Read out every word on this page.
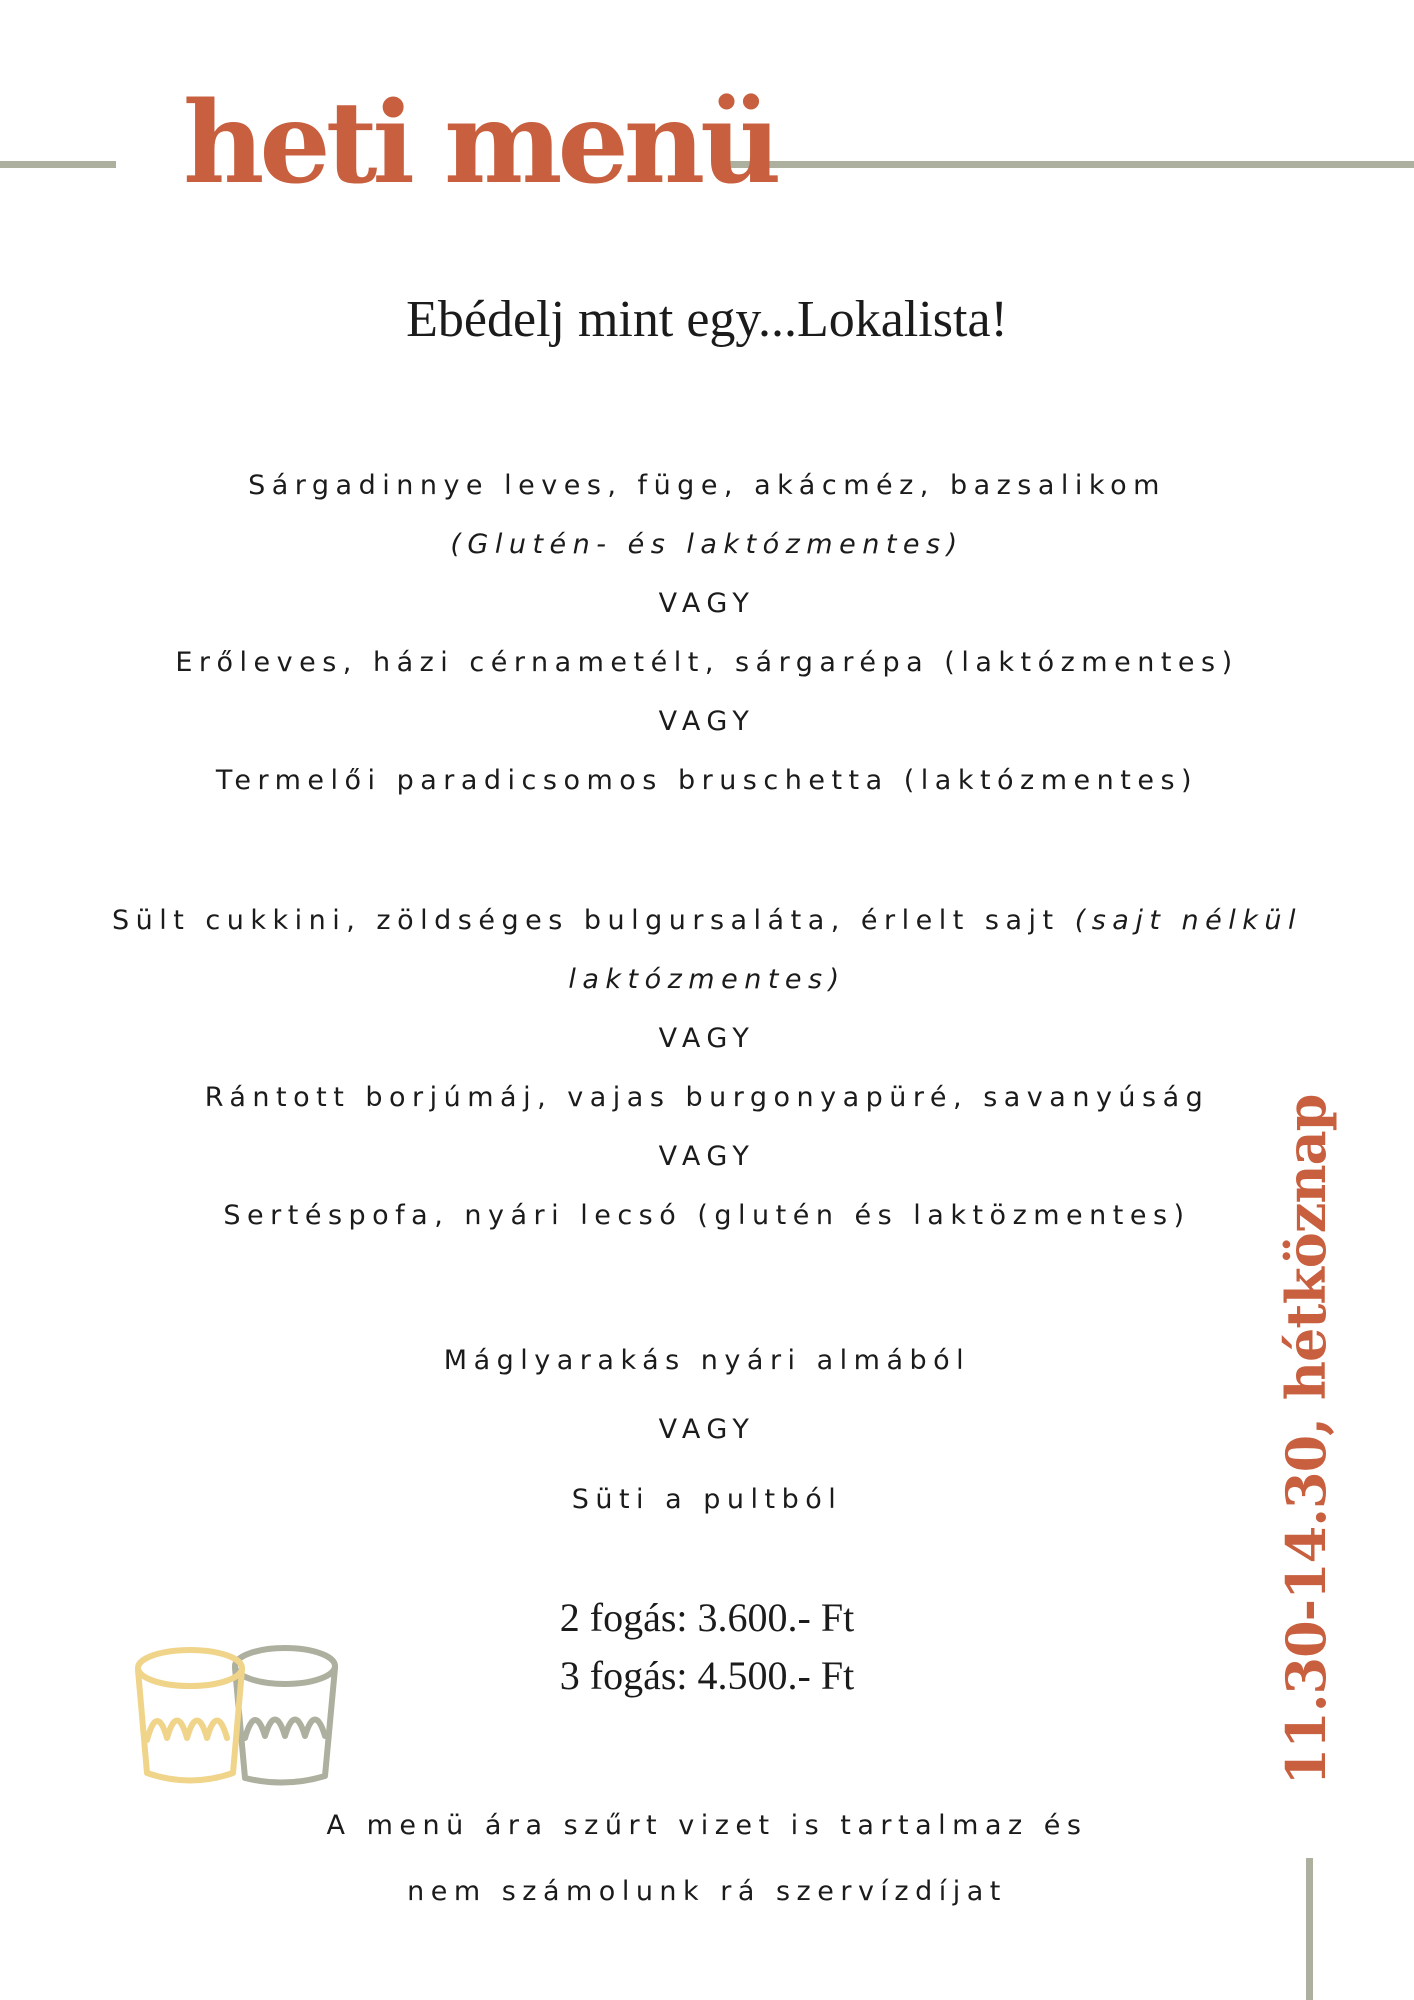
heti menü
Ebédelj mint egy...Lokalista!

Sárgadinnye leves, füge, akácméz, bazsalikom

(Glutén- és laktózmentes)

VAGY

Erőleves, házi cérnametélt, sárgarépa (laktózmentes)

VAGY

Termelői paradicsomos bruschetta (laktózmentes)

Sült cukkini, zöldséges bulgursaláta, érlelt sajt (sajt nélkül

laktózmentes)

VAGY

Rántott borjúmáj, vajas burgonyapüré, savanyúság

VAGY

Sertéspofa, nyári lecsó (glutén és laktözmentes)

Máglyarakás nyári almából

VAGY

Süti a pultból

2 fogás: 3.600.- Ft

3 fogás: 4.500.- Ft

A menü ára szűrt vizet is tartalmaz és

nem számolunk rá szervízdíjat

11.30-14.30, hétköznap
